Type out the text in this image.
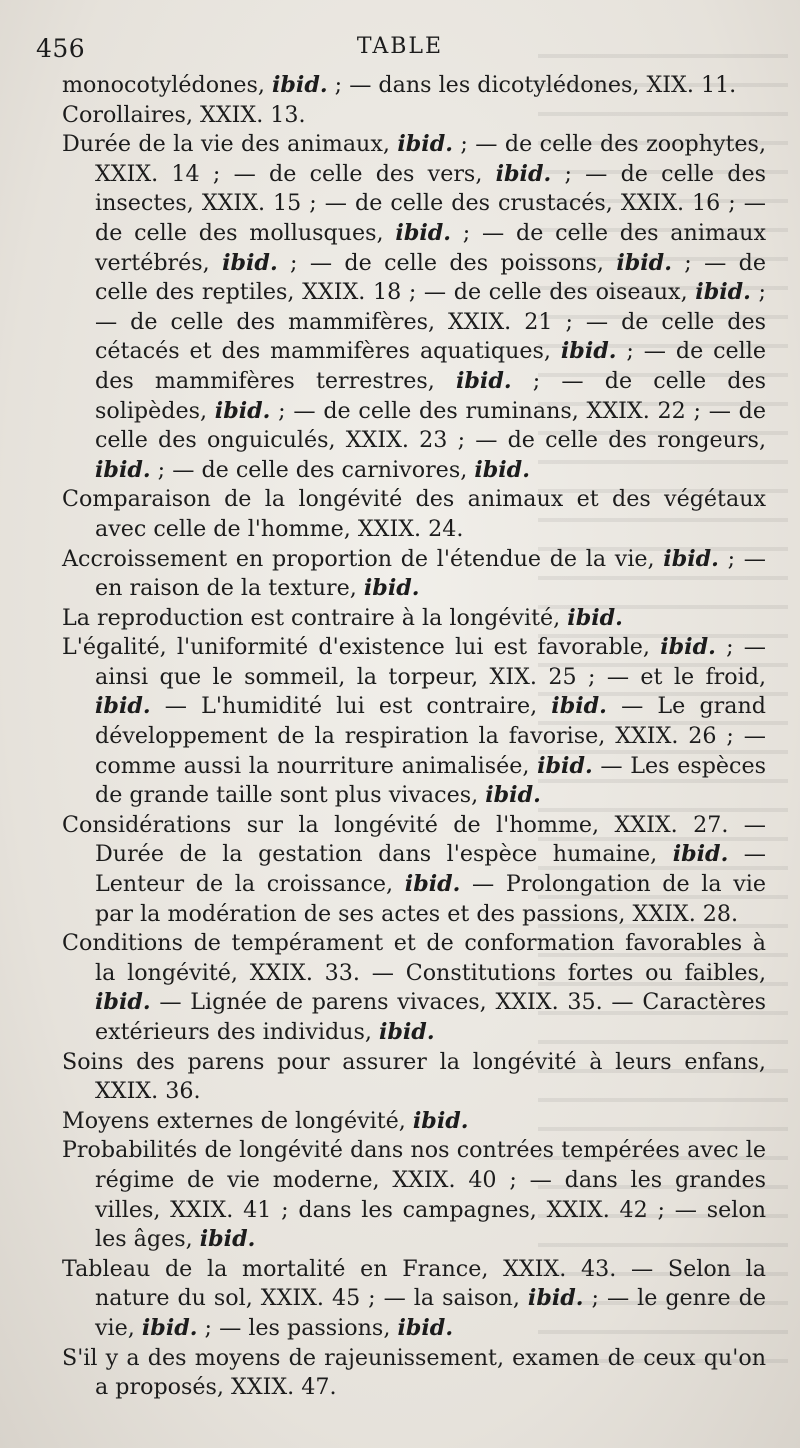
456	TABLE

monocotylédones, ibid. ; — dans les dicotylédones, XIX. 11.

Corollaires, XXIX. 13.

Durée de la vie des animaux, ibid. ; — de celle des zoophytes, XXIX. 14 ; — de celle des vers, ibid. ; — de celle des insectes, XXIX. 15 ; — de celle des crustacés, XXIX. 16 ; — de celle des mollusques, ibid. ; — de celle des animaux vertébrés, ibid. ; — de celle des poissons, ibid. ; — de celle des reptiles, XXIX. 18 ; — de celle des oiseaux, ibid. ; — de celle des mammifères, XXIX. 21 ; — de celle des cétacés et des mammifères aquatiques, ibid. ; — de celle des mammifères terrestres, ibid. ; — de celle des solipèdes, ibid. ; — de celle des ruminans, XXIX. 22 ; — de celle des onguiculés, XXIX. 23 ; — de celle des rongeurs, ibid. ; — de celle des carnivores, ibid.

Comparaison de la longévité des animaux et des végétaux avec celle de l'homme, XXIX. 24.

Accroissement en proportion de l'étendue de la vie, ibid. ; — en raison de la texture, ibid.

La reproduction est contraire à la longévité, ibid.

L'égalité, l'uniformité d'existence lui est favorable, ibid. ; — ainsi que le sommeil, la torpeur, XIX. 25 ; — et le froid, ibid. — L'humidité lui est contraire, ibid. — Le grand développement de la respiration la favorise, XXIX. 26 ; — comme aussi la nourriture animalisée, ibid. — Les espèces de grande taille sont plus vivaces, ibid.

Considérations sur la longévité de l'homme, XXIX. 27. — Durée de la gestation dans l'espèce humaine, ibid. — Lenteur de la croissance, ibid. — Prolongation de la vie par la modération de ses actes et des passions, XXIX. 28.

Conditions de tempérament et de conformation favorables à la longévité, XXIX. 33. — Constitutions fortes ou faibles, ibid. — Lignée de parens vivaces, XXIX. 35. — Caractères extérieurs des individus, ibid.

Soins des parens pour assurer la longévité à leurs enfans, XXIX. 36.

Moyens externes de longévité, ibid.

Probabilités de longévité dans nos contrées tempérées avec le régime de vie moderne, XXIX. 40 ; — dans les grandes villes, XXIX. 41 ; dans les campagnes, XXIX. 42 ; — selon les âges, ibid.

Tableau de la mortalité en France, XXIX. 43. — Selon la nature du sol, XXIX. 45 ; — la saison, ibid. ; — le genre de vie, ibid. ; — les passions, ibid.

S'il y a des moyens de rajeunissement, examen de ceux qu'on a proposés, XXIX. 47.
